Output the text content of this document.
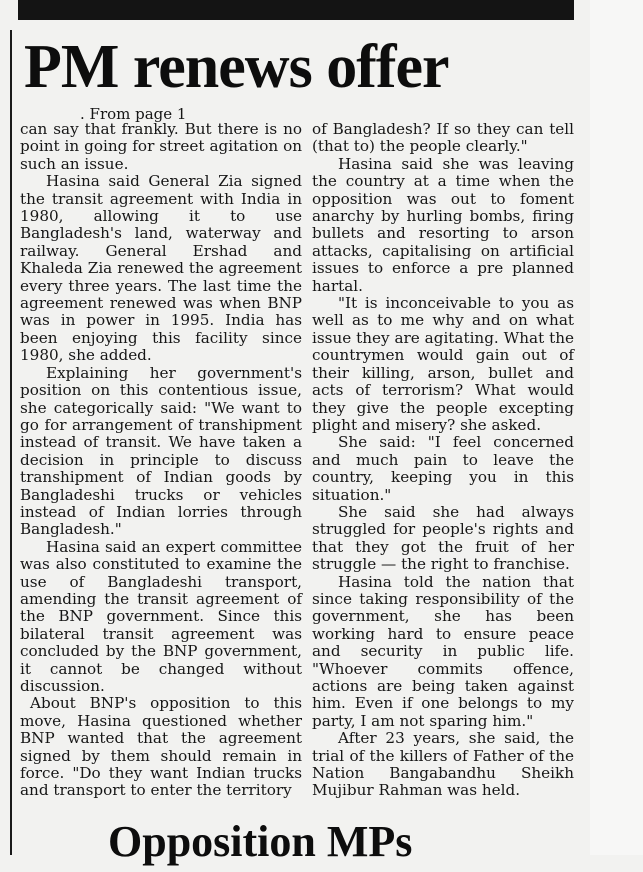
PM renews offer
. From page 1

can say that frankly. But there is no point in going for street agitation on such an issue.

Hasina said General Zia signed the transit agreement with India in 1980, allowing it to use Bangladesh's land, waterway and railway. General Ershad and Khaleda Zia renewed the agreement every three years. The last time the agreement renewed was when BNP was in power in 1995. India has been enjoying this facility since 1980, she added.

Explaining her government's position on this contentious issue, she categorically said: "We want to go for arrangement of transhipment instead of transit. We have taken a decision in principle to discuss transhipment of Indian goods by Bangladeshi trucks or vehicles instead of Indian lorries through Bangladesh."

Hasina said an expert committee was also constituted to examine the use of Bangladeshi transport, amending the transit agreement of the BNP government. Since this bilateral transit agreement was concluded by the BNP government, it cannot be changed without discussion.

About BNP's opposition to this move, Hasina questioned whether BNP wanted that the agreement signed by them should remain in force. "Do they want Indian trucks and transport to enter the territory

of Bangladesh? If so they can tell (that to) the people clearly."

Hasina said she was leaving the country at a time when the opposition was out to foment anarchy by hurling bombs, firing bullets and resorting to arson attacks, capitalising on artificial issues to enforce a pre planned hartal.

"It is inconceivable to you as well as to me why and on what issue they are agitating. What the countrymen would gain out of their killing, arson, bullet and acts of terrorism? What would they give the people excepting plight and misery? she asked.

She said: "I feel concerned and much pain to leave the country, keeping you in this situation."

She said she had always struggled for people's rights and that they got the fruit of her struggle — the right to franchise.

Hasina told the nation that since taking responsibility of the government, she has been working hard to ensure peace and security in public life. "Whoever commits offence, actions are being taken against him. Even if one belongs to my party, I am not sparing him."

After 23 years, she said, the trial of the killers of Father of the Nation Bangabandhu Sheikh Mujibur Rahman was held.

Opposition MPs
